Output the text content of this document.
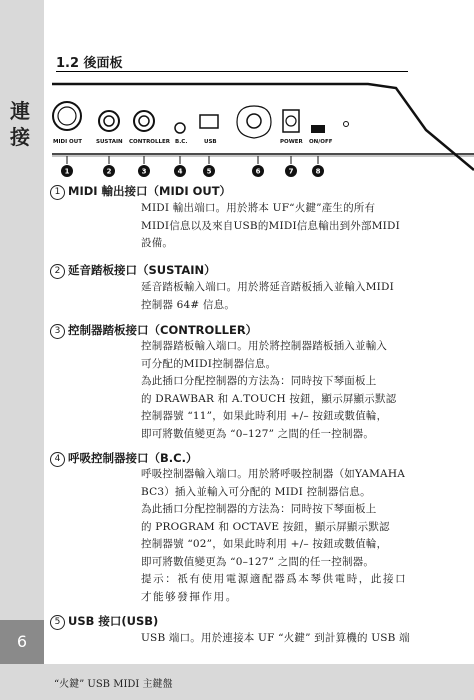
連
接
6
“火鍵” USB MIDI 主鍵盤
1.2 後面板
MIDI OUT	SUSTAIN CONTROLLER B.C.	USB	POWER ON/OFF
1	2	3	4	5	6	7	8
1 MIDI 輸出接口（MIDI OUT）
MIDI 輸出端口。用於將本 UF“火鍵”產生的所有
MIDI信息以及來自USB的MIDI信息輸出到外部MIDI
設備。
2 延音踏板接口（SUSTAIN）
延音踏板輸入端口。用於將延音踏板插入並輸入MIDI
控制器 64# 信息。
3 控制器踏板接口（CONTROLLER）
控制器踏板輸入端口。用於將控制器踏板插入並輸入
可分配的MIDI控制器信息。
為此插口分配控制器的方法為：同時按下琴面板上
的 DRAWBAR 和 A.TOUCH 按鈕，顯示屏顯示默認
控制器號 “11”，如果此時利用 +/– 按鈕或數值輪，
即可將數值變更為 “0–127” 之間的任一控制器。
4 呼吸控制器接口（B.C.）
呼吸控制器輸入端口。用於將呼吸控制器（如YAMAHA
BC3）插入並輸入可分配的 MIDI 控制器信息。
為此插口分配控制器的方法為：同時按下琴面板上
的 PROGRAM 和 OCTAVE 按鈕，顯示屏顯示默認
控制器號 “02”，如果此時利用 +/– 按鈕或數值輪，
即可將數值變更為 “0–127” 之間的任一控制器。
提示：祇有使用電源適配器爲本琴供電時，此接口
才能够發揮作用。
5 USB 接口(USB)
USB 端口。用於連接本 UF “火鍵” 到計算機的 USB 端
